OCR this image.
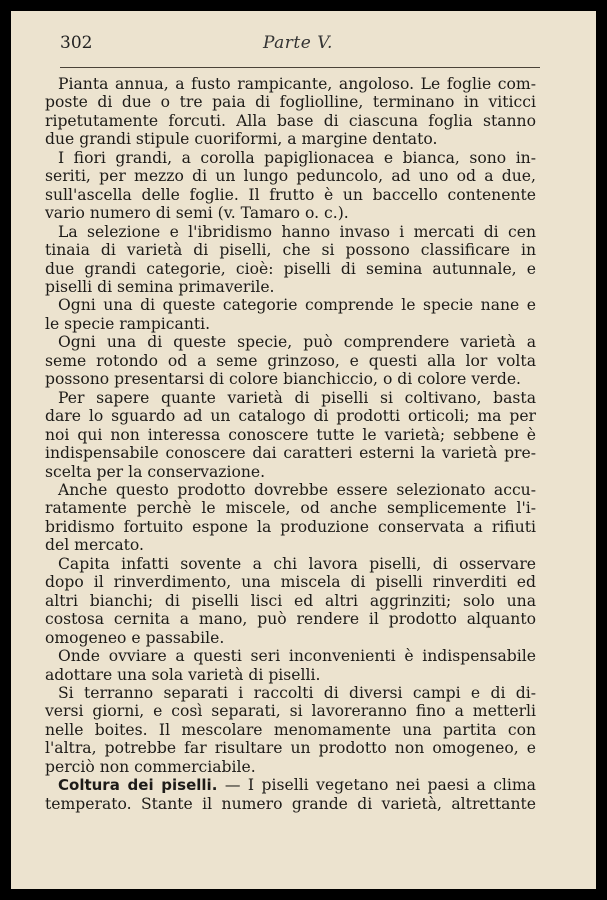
302	Parte V.
Pianta annua, a fusto rampicante, angoloso. Le foglie com-
poste di due o tre paia di fogliolline, terminano in viticci
ripetutamente forcuti. Alla base di ciascuna foglia stanno
due grandi stipule cuoriformi, a margine dentato.
I fiori grandi, a corolla papiglionacea e bianca, sono in-
seriti, per mezzo di un lungo peduncolo, ad uno od a due,
sull'ascella delle foglie. Il frutto è un baccello contenente
vario numero di semi (v. Tamaro o. c.).
La selezione e l'ibridismo hanno invaso i mercati di cen
tinaia di varietà di piselli, che si possono classificare in
due grandi categorie, cioè: piselli di semina autunnale, e
piselli di semina primaverile.
Ogni una di queste categorie comprende le specie nane e
le specie rampicanti.
Ogni una di queste specie, può comprendere varietà a
seme rotondo od a seme grinzoso, e questi alla lor volta
possono presentarsi di colore bianchiccio, o di colore verde.
Per sapere quante varietà di piselli si coltivano, basta
dare lo sguardo ad un catalogo di prodotti orticoli; ma per
noi qui non interessa conoscere tutte le varietà; sebbene è
indispensabile conoscere dai caratteri esterni la varietà pre-
scelta per la conservazione.
Anche questo prodotto dovrebbe essere selezionato accu-
ratamente perchè le miscele, od anche semplicemente l'i-
bridismo fortuito espone la produzione conservata a rifiuti
del mercato.
Capita infatti sovente a chi lavora piselli, di osservare
dopo il rinverdimento, una miscela di piselli rinverditi ed
altri bianchi; di piselli lisci ed altri aggrinziti; solo una
costosa cernita a mano, può rendere il prodotto alquanto
omogeneo e passabile.
Onde ovviare a questi seri inconvenienti è indispensabile
adottare una sola varietà di piselli.
Si terranno separati i raccolti di diversi campi e di di-
versi giorni, e così separati, si lavoreranno fino a metterli
nelle boites. Il mescolare menomamente una partita con
l'altra, potrebbe far risultare un prodotto non omogeneo, e
perciò non commerciabile.
Coltura dei piselli. — I piselli vegetano nei paesi a clima
temperato. Stante il numero grande di varietà, altrettante
